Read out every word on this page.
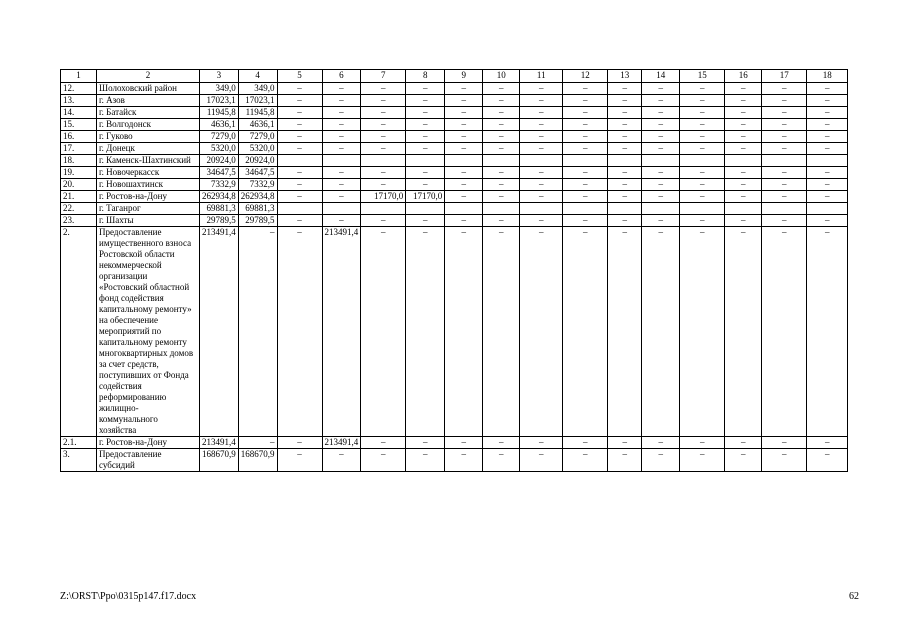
1	2	3	4	5	6	7	8	9	10	11	12	13	14	15	16	17	18
12.	Шолоховский район	349,0	349,0	–	–	–	–	–	–	–	–	–	–	–	–	–	–
13.	г. Азов	17023,1	17023,1	–	–	–	–	–	–	–	–	–	–	–	–	–	–
14.	г. Батайск	11945,8	11945,8	–	–	–	–	–	–	–	–	–	–	–	–	–	–
15.	г. Волгодонск	4636,1	4636,1	–	–	–	–	–	–	–	–	–	–	–	–	–	–
16.	г. Гуково	7279,0	7279,0	–	–	–	–	–	–	–	–	–	–	–	–	–	–
17.	г. Донецк	5320,0	5320,0	–	–	–	–	–	–	–	–	–	–	–	–	–	–
18.	г. Каменск-Шахтинский	20924,0	20924,0														
19.	г. Новочеркасск	34647,5	34647,5	–	–	–	–	–	–	–	–	–	–	–	–	–	–
20.	г. Новошахтинск	7332,9	7332,9	–	–	–	–	–	–	–	–	–	–	–	–	–	–
21.	г. Ростов-на-Дону	262934,8	262934,8	–	–	17170,0	17170,0	–	–	–	–	–	–	–	–	–	–
22.	г. Таганрог	69881,3	69881,3														
23.	г. Шахты	29789,5	29789,5	–	–	–	–	–	–	–	–	–	–	–	–	–	–
2.	Предоставление имущественного взноса Ростовской области некоммерческой организации «Ростовский областной фонд содействия капитальному ремонту» на обеспечение мероприятий по капитальному ремонту многоквартирных домов за счет средств, поступивших от Фонда содействия реформированию жилищно-коммунального хозяйства	213491,4	–	–	213491,4	–	–	–	–	–	–	–	–	–	–	–	–
2.1.	г. Ростов-на-Дону	213491,4	–	–	213491,4	–	–	–	–	–	–	–	–	–	–	–	–
3.	Предоставление субсидий	168670,9	168670,9	–	–	–	–	–	–	–	–	–	–	–	–	–	–
Z:\ORST\Ppo\0315p147.f17.docx	62
